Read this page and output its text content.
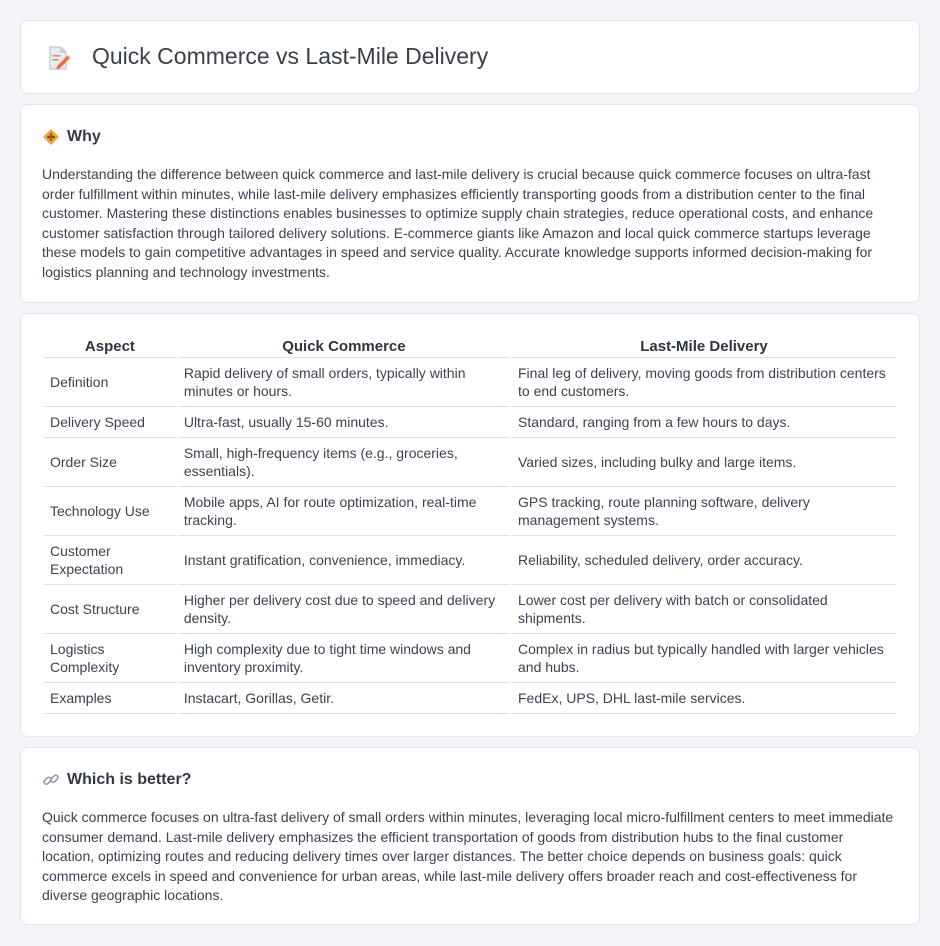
Quick Commerce vs Last-Mile Delivery
Why

Understanding the difference between quick commerce and last-mile delivery is crucial because quick commerce focuses on ultra-fast order fulfillment within minutes, while last-mile delivery emphasizes efficiently transporting goods from a distribution center to the final customer. Mastering these distinctions enables businesses to optimize supply chain strategies, reduce operational costs, and enhance customer satisfaction through tailored delivery solutions. E-commerce giants like Amazon and local quick commerce startups leverage these models to gain competitive advantages in speed and service quality. Accurate knowledge supports informed decision-making for logistics planning and technology investments.

Aspect	Quick Commerce	Last-Mile Delivery
Definition	Rapid delivery of small orders, typically within minutes or hours.	Final leg of delivery, moving goods from distribution centers to end customers.
Delivery Speed	Ultra-fast, usually 15-60 minutes.	Standard, ranging from a few hours to days.
Order Size	Small, high-frequency items (e.g., groceries, essentials).	Varied sizes, including bulky and large items.
Technology Use	Mobile apps, AI for route optimization, real-time tracking.	GPS tracking, route planning software, delivery management systems.
Customer Expectation	Instant gratification, convenience, immediacy.	Reliability, scheduled delivery, order accuracy.
Cost Structure	Higher per delivery cost due to speed and delivery density.	Lower cost per delivery with batch or consolidated shipments.
Logistics Complexity	High complexity due to tight time windows and inventory proximity.	Complex in radius but typically handled with larger vehicles and hubs.
Examples	Instacart, Gorillas, Getir.	FedEx, UPS, DHL last-mile services.
Which is better?

Quick commerce focuses on ultra-fast delivery of small orders within minutes, leveraging local micro-fulfillment centers to meet immediate consumer demand. Last-mile delivery emphasizes the efficient transportation of goods from distribution hubs to the final customer location, optimizing routes and reducing delivery times over larger distances. The better choice depends on business goals: quick commerce excels in speed and convenience for urban areas, while last-mile delivery offers broader reach and cost-effectiveness for diverse geographic locations.
